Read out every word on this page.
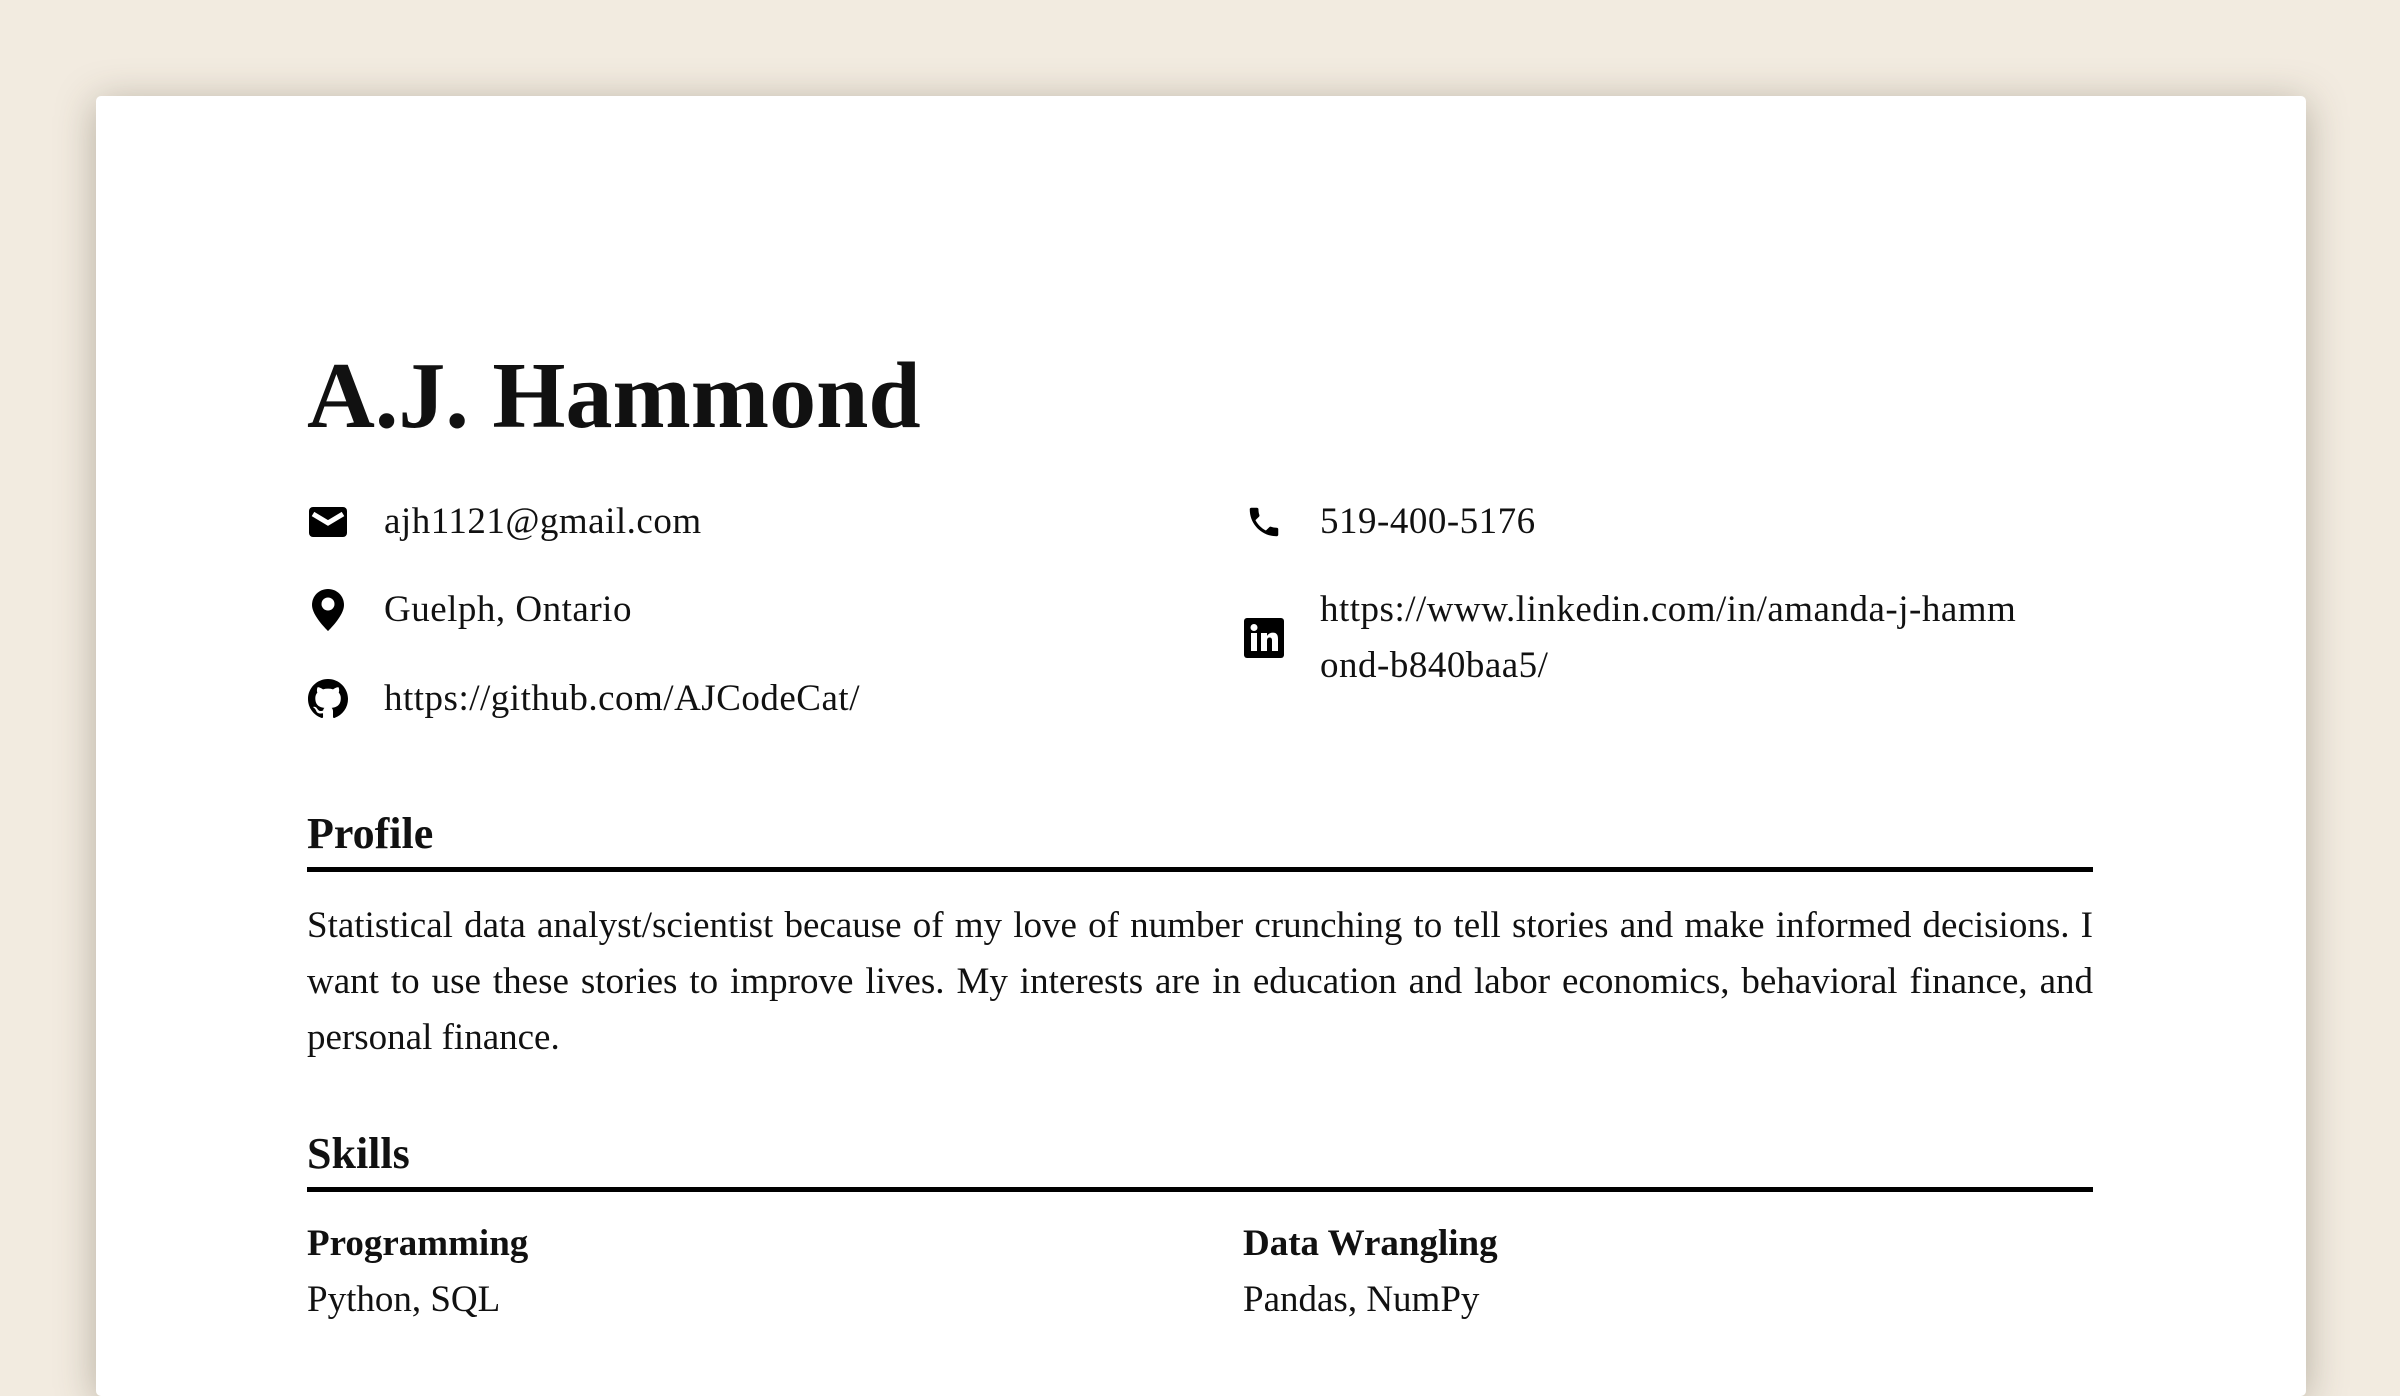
A.J. Hammond
ajh1121@gmail.com
Guelph, Ontario
https://github.com/AJCodeCat/
519-400-5176
https://www.linkedin.com/in/amanda-j-hammond-b840baa5/
Profile

Statistical data analyst/scientist because of my love of number crunching to tell stories and make informed decisions. I want to use these stories to improve lives. My interests are in education and labor economics, behavioral finance, and personal finance.

Skills
Programming
Python, SQL
Data Wrangling
Pandas, NumPy
